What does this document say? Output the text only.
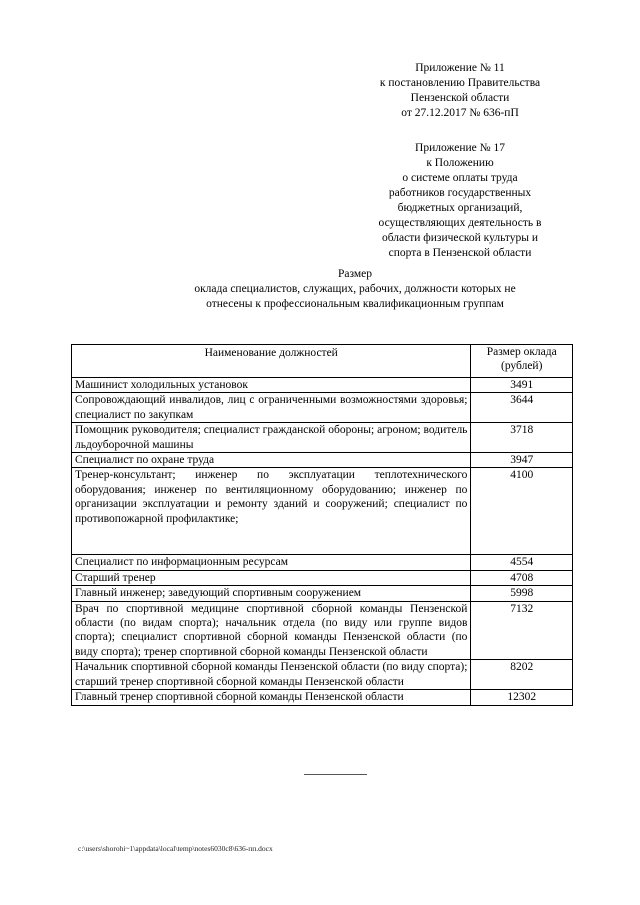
Приложение № 11
к постановлению Правительства
Пензенской области
от 27.12.2017 № 636-пП
Приложение № 17
к Положению
о системе оплаты труда
работников государственных
бюджетных организаций,
осуществляющих деятельность в
области физической культуры и
спорта в Пензенской области
Размер
оклада специалистов, служащих, рабочих, должности которых не
отнесены к профессиональным квалификационным группам
Наименование должностей	Размер оклада (рублей)
Машинист холодильных установок	3491
Сопровождающий инвалидов, лиц с ограниченными возможностями здоровья; специалист по закупкам	3644
Помощник руководителя; специалист гражданской обороны; агроном; водитель льдоуборочной машины	3718
Специалист по охране труда	3947
Тренер-консультант; инженер по эксплуатации теплотехнического оборудования; инженер по вентиляционному оборудованию; инженер по организации эксплуатации и ремонту зданий и сооружений; специалист по противопожарной профилактике;	4100
Специалист по информационным ресурсам	4554
Старший тренер	4708
Главный инженер; заведующий спортивным сооружением	5998
Врач по спортивной медицине спортивной сборной команды Пензенской области (по видам спорта); начальник отдела (по виду или группе видов спорта); специалист спортивной сборной команды Пензенской области (по виду спорта); тренер спортивной сборной команды Пензенской области	7132
Начальник спортивной сборной команды Пензенской области (по виду спорта); старший тренер спортивной сборной команды Пензенской области	8202
Главный тренер спортивной сборной команды Пензенской области	12302
c:\users\shorohi~1\appdata\local\temp\notes6030c8\636-пп.docx
